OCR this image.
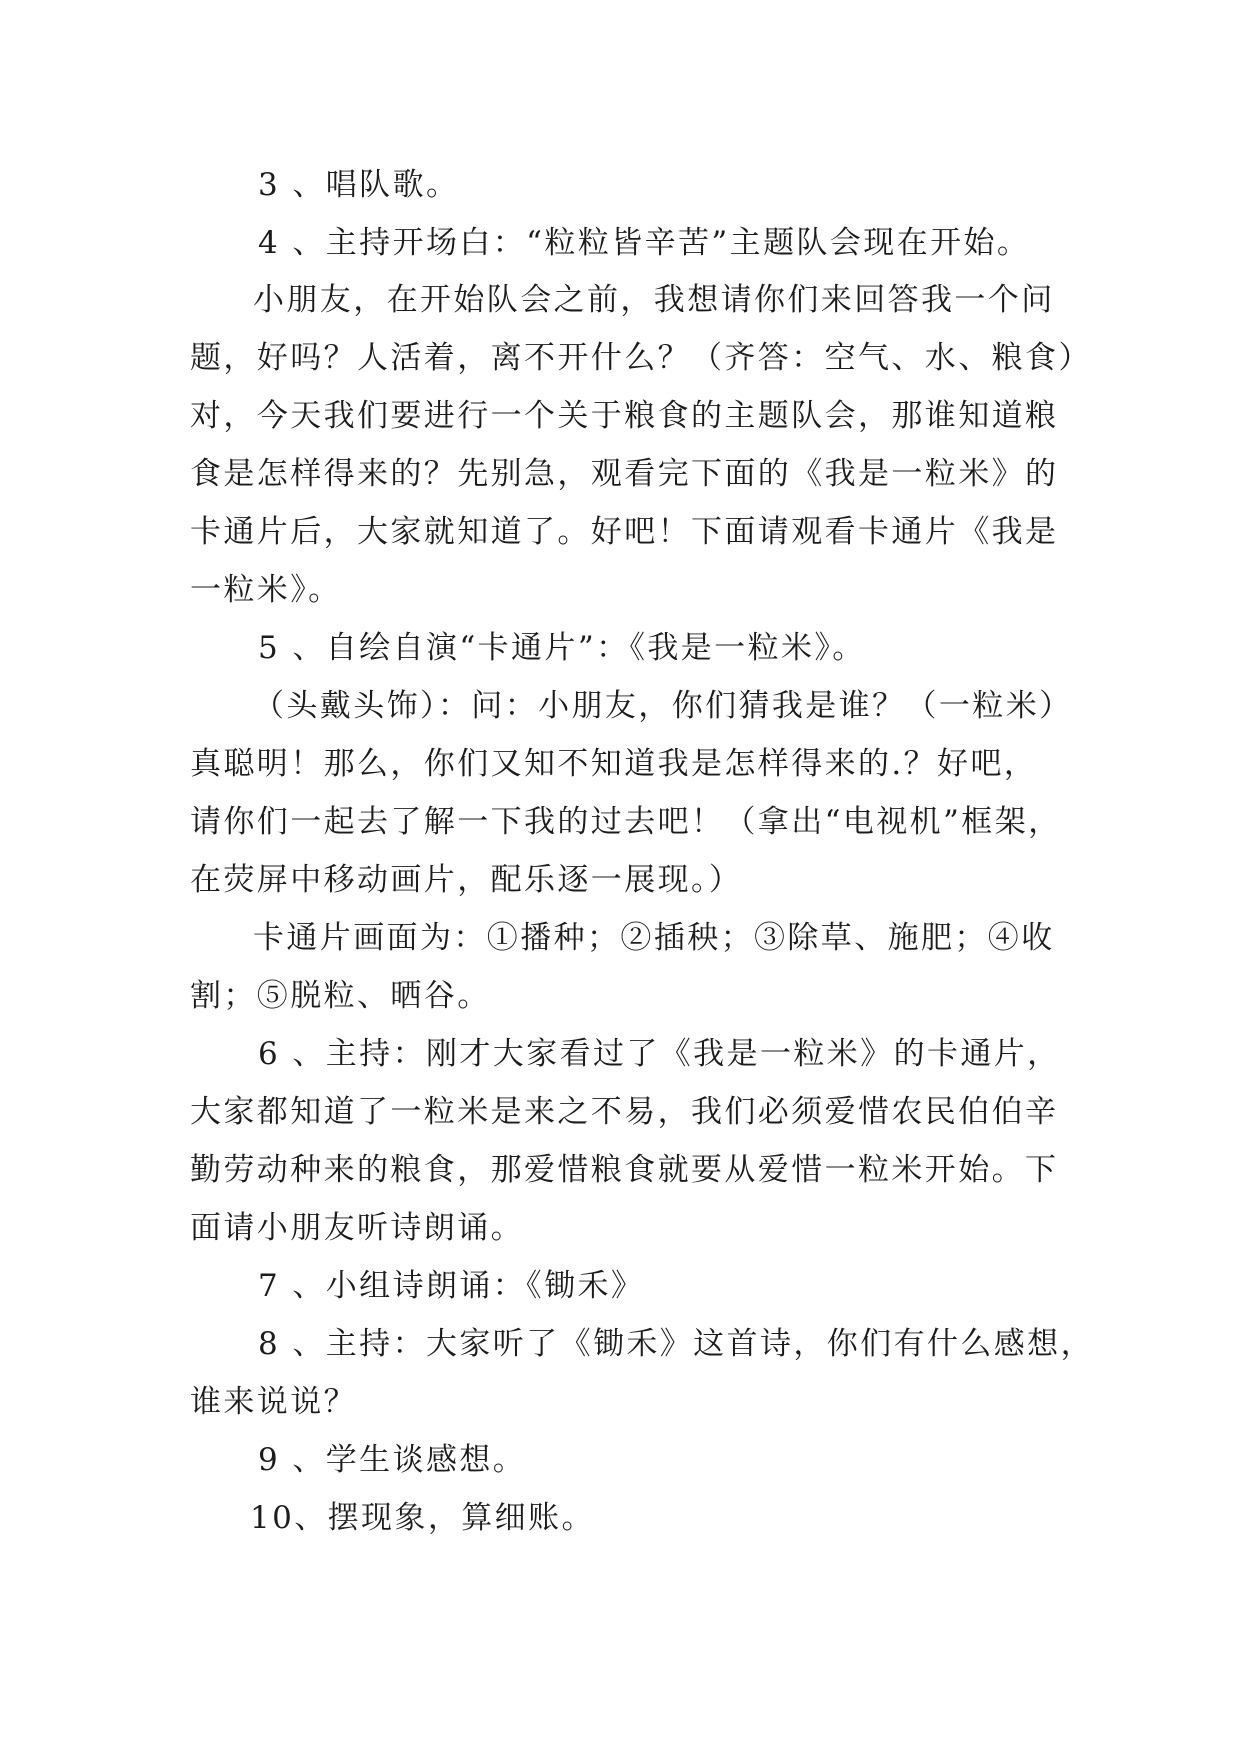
3 、唱队歌。
4 、主持开场白：“粒粒皆辛苦”主题队会现在开始。
小朋友，在开始队会之前，我想请你们来回答我一个问
题，好吗？人活着，离不开什么？（齐答：空气、水、粮食）
对，今天我们要进行一个关于粮食的主题队会，那谁知道粮
食是怎样得来的？先别急，观看完下面的《我是一粒米》的
卡通片后，大家就知道了。好吧！下面请观看卡通片《我是
一粒米》。
5 、自绘自演“卡通片”：《我是一粒米》。
（头戴头饰）：问：小朋友，你们猜我是谁？（一粒米）
真聪明！那么，你们又知不知道我是怎样得来的.？好吧，
请你们一起去了解一下我的过去吧！（拿出“电视机”框架，
在荧屏中移动画片，配乐逐一展现。）
卡通片画面为：①播种；②插秧；③除草、施肥；④收
割；⑤脱粒、晒谷。
6 、主持：刚才大家看过了《我是一粒米》的卡通片，
大家都知道了一粒米是来之不易，我们必须爱惜农民伯伯辛
勤劳动种来的粮食，那爱惜粮食就要从爱惜一粒米开始。下
面请小朋友听诗朗诵。
7 、小组诗朗诵：《锄禾》
8 、主持：大家听了《锄禾》这首诗，你们有什么感想，
谁来说说？
9 、学生谈感想。
10、摆现象，算细账。
